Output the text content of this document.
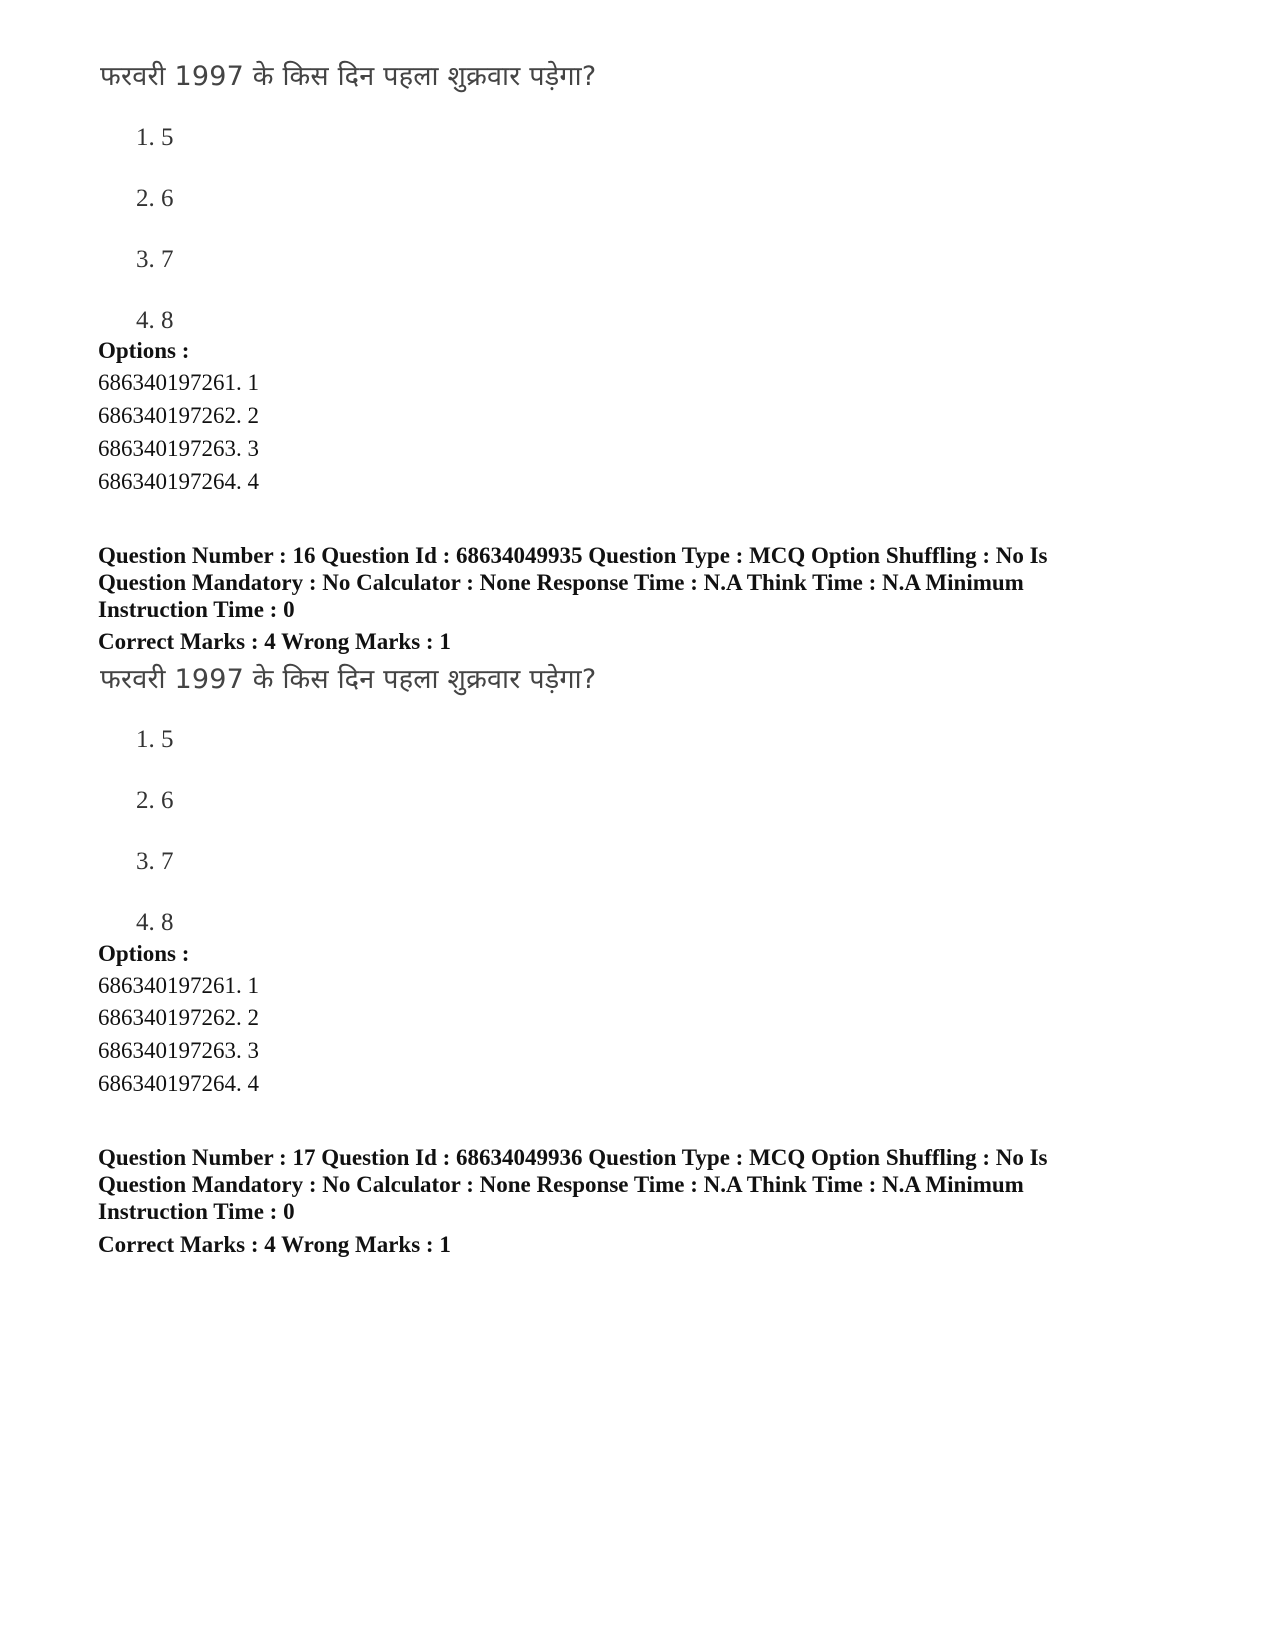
फरवरी 1997 के किस दिन पहला शुक्रवार पड़ेगा?
1. 5
2. 6
3. 7
4. 8
Options :
686340197261. 1
686340197262. 2
686340197263. 3
686340197264. 4
Question Number : 16 Question Id : 68634049935 Question Type : MCQ Option Shuffling : No Is
Question Mandatory : No Calculator : None Response Time : N.A Think Time : N.A Minimum
Instruction Time : 0
Correct Marks : 4 Wrong Marks : 1
फरवरी 1997 के किस दिन पहला शुक्रवार पड़ेगा?
1. 5
2. 6
3. 7
4. 8
Options :
686340197261. 1
686340197262. 2
686340197263. 3
686340197264. 4
Question Number : 17 Question Id : 68634049936 Question Type : MCQ Option Shuffling : No Is
Question Mandatory : No Calculator : None Response Time : N.A Think Time : N.A Minimum
Instruction Time : 0
Correct Marks : 4 Wrong Marks : 1
